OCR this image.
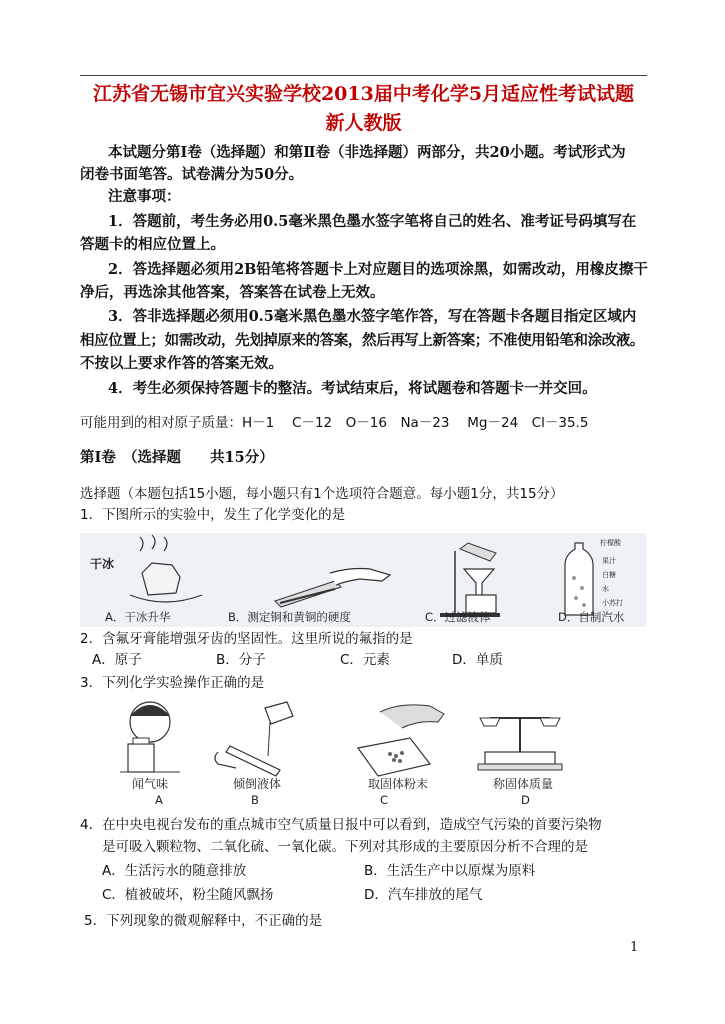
江苏省无锡市宜兴实验学校2013届中考化学5月适应性考试试题
新人教版
本试题分第Ⅰ卷（选择题）和第Ⅱ卷（非选择题）两部分，共20小题。考试形式为
闭卷书面笔答。试卷满分为50分。
注意事项：
1．答题前，考生务必用0.5毫米黑色墨水签字笔将自己的姓名、准考证号码填写在
答题卡的相应位置上。
2．答选择题必须用2B铅笔将答题卡上对应题目的选项涂黑，如需改动，用橡皮擦干
净后，再选涂其他答案，答案答在试卷上无效。
3．答非选择题必须用0.5毫米黑色墨水签字笔作答，写在答题卡各题目指定区域内
相应位置上；如需改动，先划掉原来的答案，然后再写上新答案；不准使用铅笔和涂改液。
不按以上要求作答的答案无效。
4．考生必须保持答题卡的整洁。考试结束后，将试题卷和答题卡一并交回。
可能用到的相对原子质量：H－1　 C－12　O－16　Na－23　 Mg－24　Cl－35.5
第Ⅰ卷　（选择题　　共15分）
选择题（本题包括15小题，每小题只有1个选项符合题意。每小题1分，共15分）
1．下图所示的实验中，发生了化学变化的是
干冰
柠檬酸
果汁
白糖
水
小苏打
A．干冰升华	B．测定铜和黄铜的硬度	C．过滤液体	D．自制汽水
2．含氟牙膏能增强牙齿的坚固性。这里所说的氟指的是
A．原子	B．分子	C．元素	D．单质
3．下列化学实验操作正确的是
闻气味	倾倒液体	取固体粉末	称固体质量
A	B	C	D
4．在中央电视台发布的重点城市空气质量日报中可以看到，造成空气污染的首要污染物
是可吸入颗粒物、二氧化硫、一氧化碳。下列对其形成的主要原因分析不合理的是
A．生活污水的随意排放	B．生活生产中以原煤为原料
C．植被破坏，粉尘随风飘扬	D．汽车排放的尾气
5．下列现象的微观解释中，不正确的是
1
